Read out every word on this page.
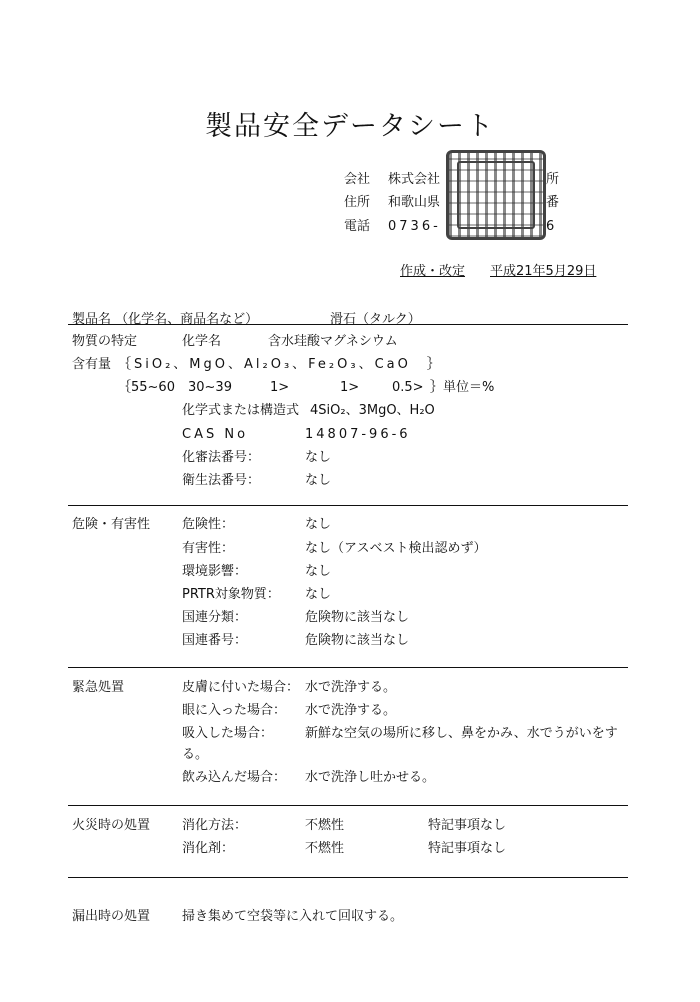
製品安全データシート
会社 株式会社	所
住所 和歌山県	番
電話 0736-	6
作成・改定 平成21年5月29日
製品名 （化学名、商品名など）	滑石（タルク）
物質の特定	化学名	含水珪酸マグネシウム
含有量 ｛SiO₂、MgO、Al₂O₃、Fe₂O₃、CaO　｝
｛55~60 30~39	1>	1>	0.5> ｝単位＝%
化学式または構造式 4SiO₂、3MgO、H₂O
CAS No	14807-96-6
化審法番号：	なし
衛生法番号：	なし
危険・有害性 危険性：	なし
有害性：	なし（アスベスト検出認めず）
環境影響：	なし
PRTR対象物質： なし
国連分類：	危険物に該当なし
国連番号：	危険物に該当なし
緊急処置	皮膚に付いた場合： 水で洗浄する。
眼に入った場合： 水で洗浄する。
吸入した場合： 新鮮な空気の場所に移し、鼻をかみ、水でうがいをす
る。
飲み込んだ場合： 水で洗浄し吐かせる。
火災時の処置 消化方法：	不燃性	特記事項なし
消化剤：	不燃性	特記事項なし
漏出時の処置 掃き集めて空袋等に入れて回収する。
